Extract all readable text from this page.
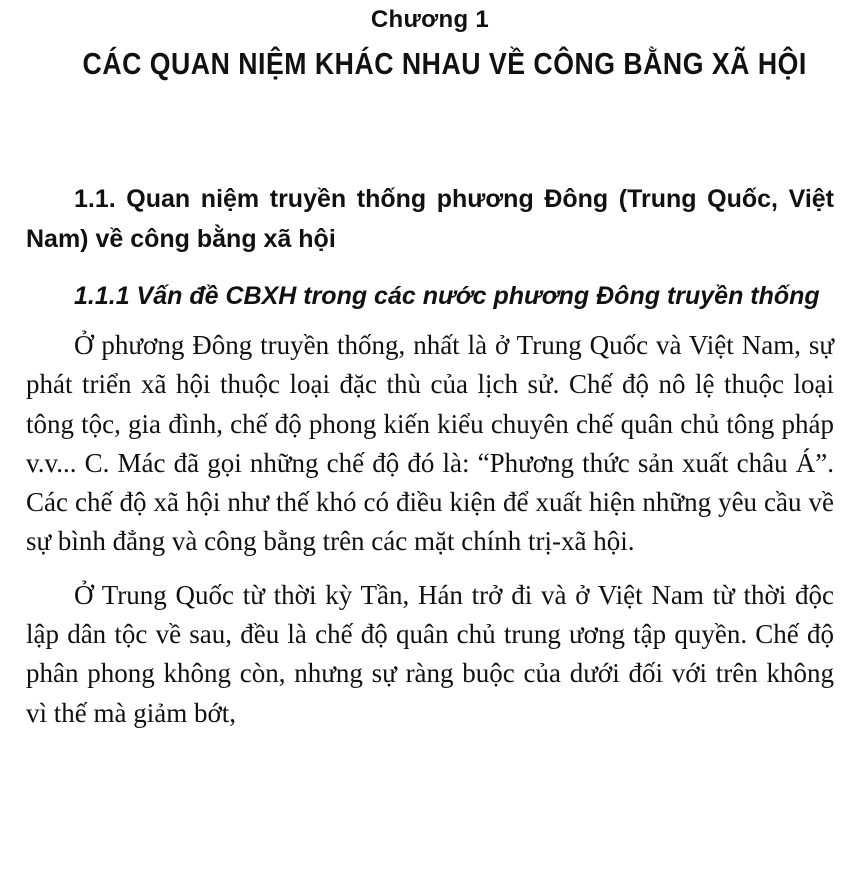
Chương 1
CÁC QUAN NIỆM KHÁC NHAU VỀ CÔNG BẰNG XÃ HỘI
1.1. Quan niệm truyền thống phương Đông (Trung Quốc, Việt Nam) về công bằng xã hội
1.1.1 Vấn đề CBXH trong các nước phương Đông truyền thống

Ở phương Đông truyền thống, nhất là ở Trung Quốc và Việt Nam, sự phát triển xã hội thuộc loại đặc thù của lịch sử. Chế độ nô lệ thuộc loại tông tộc, gia đình, chế độ phong kiến kiểu chuyên chế quân chủ tông pháp v.v... C. Mác đã gọi những chế độ đó là: “Phương thức sản xuất châu Á”. Các chế độ xã hội như thế khó có điều kiện để xuất hiện những yêu cầu về sự bình đẳng và công bằng trên các mặt chính trị-xã hội.

Ở Trung Quốc từ thời kỳ Tần, Hán trở đi và ở Việt Nam từ thời độc lập dân tộc về sau, đều là chế độ quân chủ trung ương tập quyền. Chế độ phân phong không còn, nhưng sự ràng buộc của dưới đối với trên không vì thế mà giảm bớt,
